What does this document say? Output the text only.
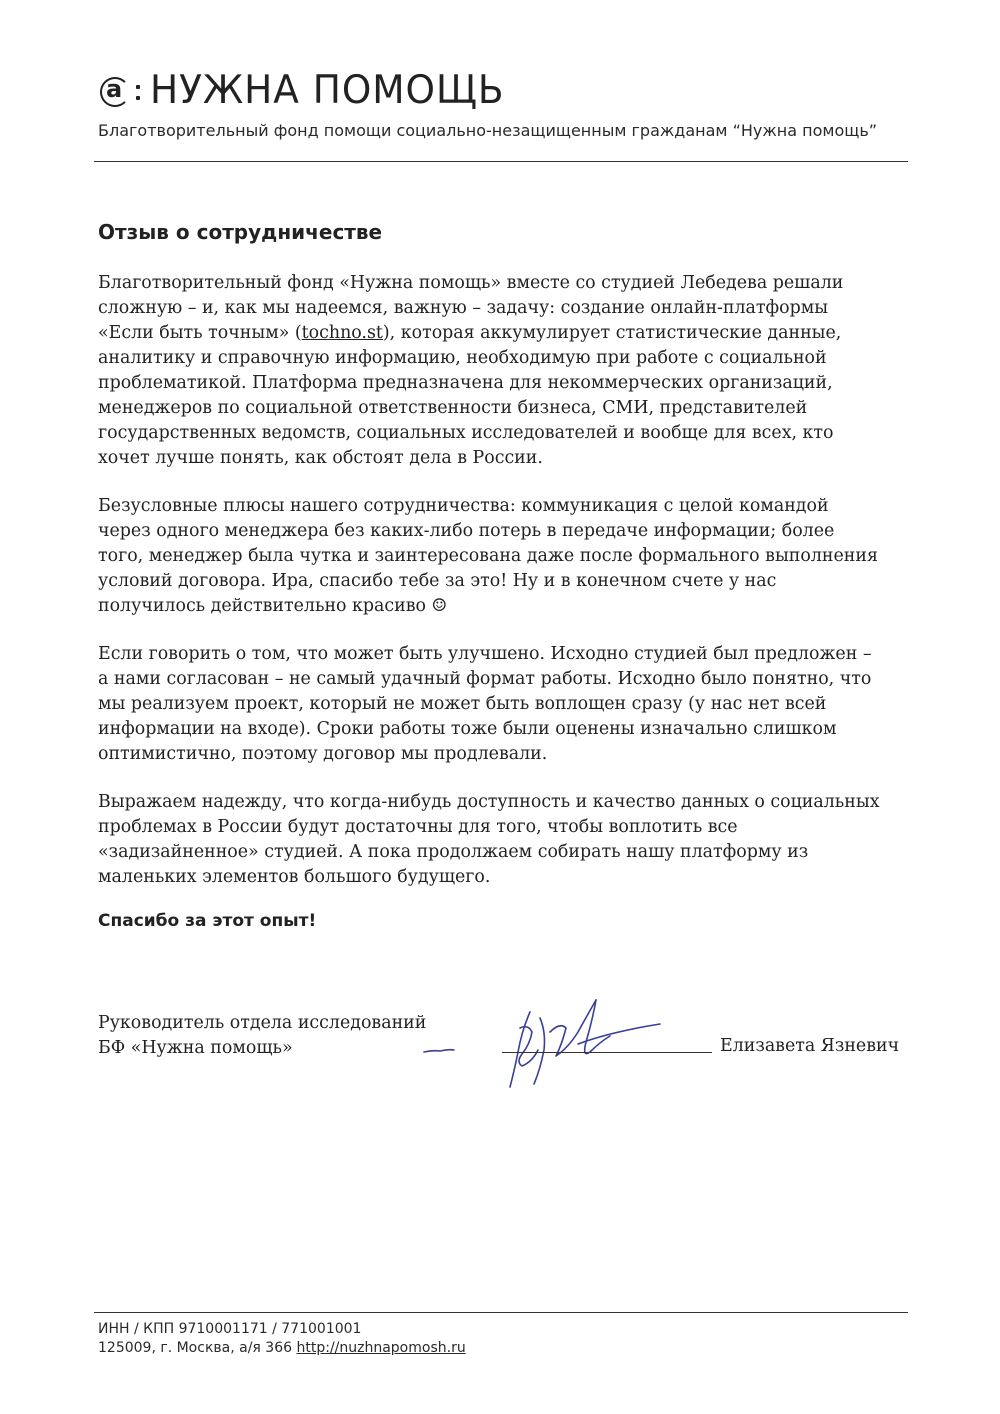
a НУЖНА ПОМОЩЬ
Благотворительный фонд помощи социально-незащищенным гражданам “Нужна помощь”
Отзыв о сотрудничестве
Благотворительный фонд «Нужна помощь» вместе со студией Лебедева решали
сложную – и, как мы надеемся, важную – задачу: создание онлайн-платформы
«Если быть точным» (tochno.st), которая аккумулирует статистические данные,
аналитику и справочную информацию, необходимую при работе с социальной
проблематикой. Платформа предназначена для некоммерческих организаций,
менеджеров по социальной ответственности бизнеса, СМИ, представителей
государственных ведомств, социальных исследователей и вообще для всех, кто
хочет лучше понять, как обстоят дела в России.
Безусловные плюсы нашего сотрудничества: коммуникация с целой командой
через одного менеджера без каких-либо потерь в передаче информации; более
того, менеджер была чутка и заинтересована даже после формального выполнения
условий договора. Ира, спасибо тебе за это! Ну и в конечном счете у нас
получилось действительно красиво ☺
Если говорить о том, что может быть улучшено. Исходно студией был предложен –
а нами согласован – не самый удачный формат работы. Исходно было понятно, что
мы реализуем проект, который не может быть воплощен сразу (у нас нет всей
информации на входе). Сроки работы тоже были оценены изначально слишком
оптимистично, поэтому договор мы продлевали.
Выражаем надежду, что когда-нибудь доступность и качество данных о социальных
проблемах в России будут достаточны для того, чтобы воплотить все
«задизайненное» студией. А пока продолжаем собирать нашу платформу из
маленьких элементов большого будущего.
Спасибо за этот опыт!
Руководитель отдела исследований
БФ «Нужна помощь»	Елизавета Язневич
ИНН / КПП 9710001171 / 771001001
125009, г. Москва, а/я 366 http://nuzhnapomosh.ru
